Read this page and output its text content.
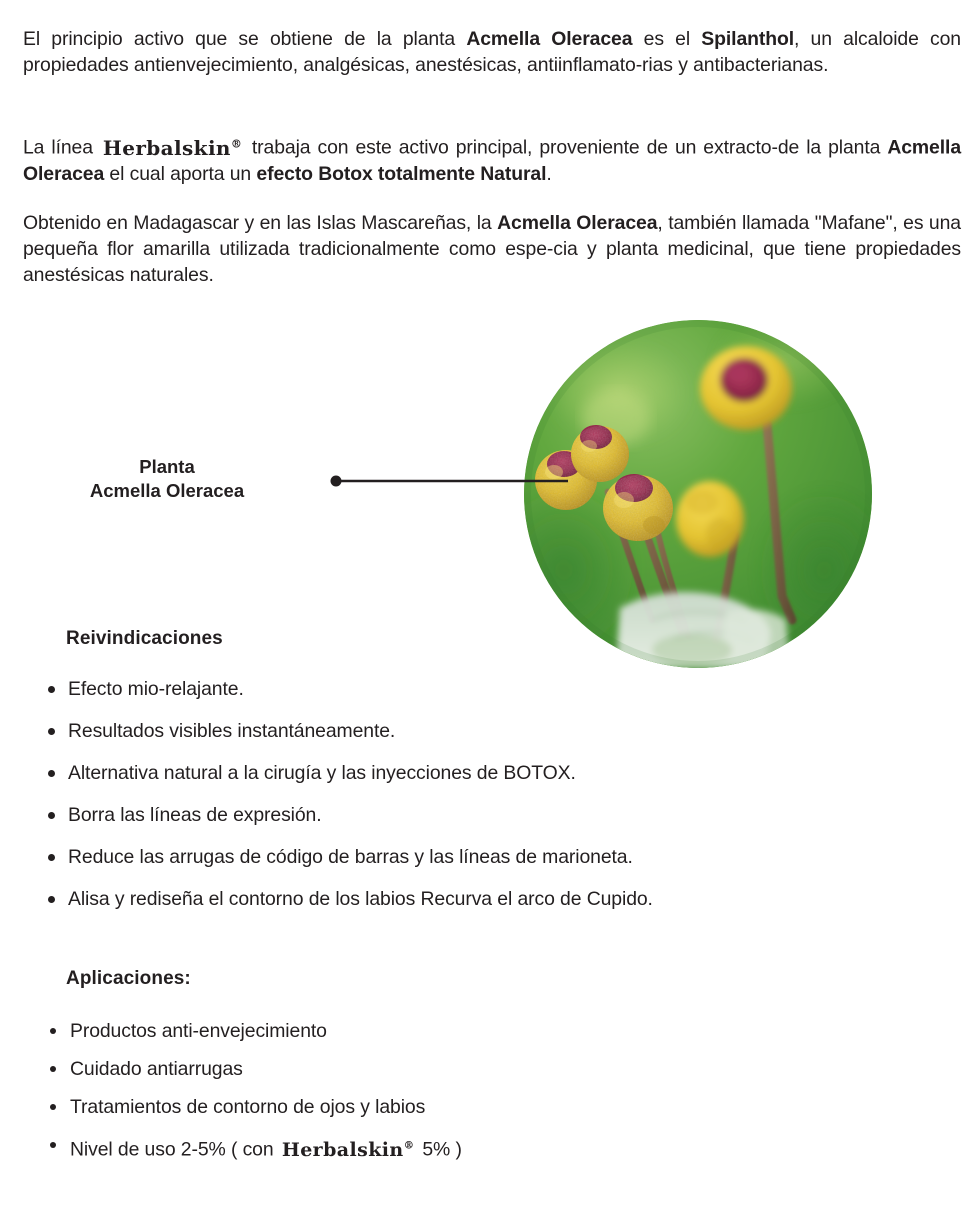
El principio activo que se obtiene de la planta Acmella Oleracea es el Spilanthol, un alcaloide con propiedades antienvejecimiento, analgésicas, anestésicas, antiinflamato-rias y antibacterianas.

La línea Herbalskin® trabaja con este activo principal, proveniente de un extracto-de la planta Acmella Oleracea el cual aporta un efecto Botox totalmente Natural.

Obtenido en Madagascar y en las Islas Mascareñas, la Acmella Oleracea, también llamada "Mafane", es una pequeña flor amarilla utilizada tradicionalmente como espe-cia y planta medicinal, que tiene propiedades anestésicas naturales.

Planta
Acmella Oleracea
Reivindicaciones
Efecto mio-relajante.
Resultados visibles instantáneamente.
Alternativa natural a la cirugía y las inyecciones de BOTOX.
Borra las líneas de expresión.
Reduce las arrugas de código de barras y las líneas de marioneta.
Alisa y rediseña el contorno de los labios Recurva el arco de Cupido.
Aplicaciones:
Productos anti-envejecimiento
Cuidado antiarrugas
Tratamientos de contorno de ojos y labios
Nivel de uso 2-5% ( con Herbalskin® 5% )
